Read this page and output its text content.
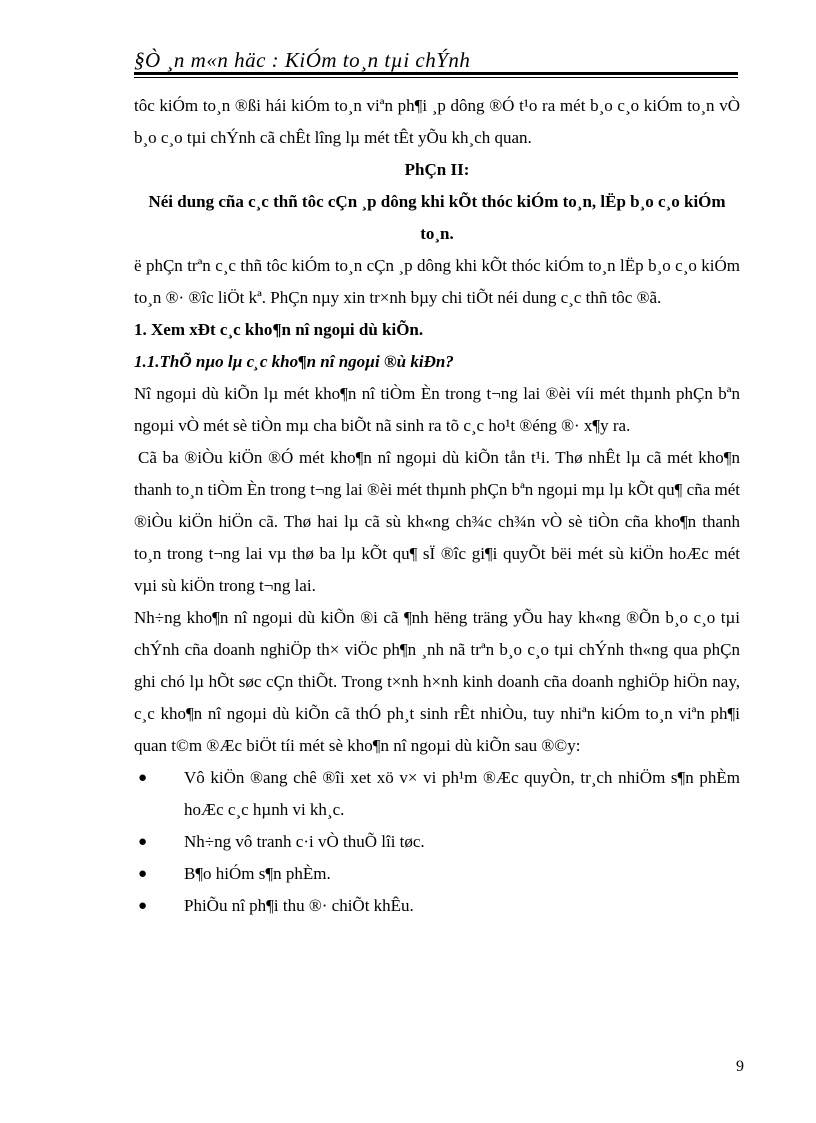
§Ò ¸n m«n häc : KiÓm to¸n tµi chÝnh

tôc kiÓm to¸n ®ßi hái kiÓm to¸n viªn ph¶i ¸p dông ®Ó t¹o ra mét b¸o c¸o kiÓm to¸n vÒ b¸o c¸o tµi chÝnh cã chÊt lîng lµ mét tÊt yÕu kh¸ch quan.

PhÇn II:

Néi dung cña c¸c thñ tôc cÇn ¸p dông khi kÕt thóc kiÓm to¸n, lËp b¸o c¸o kiÓm to¸n.

ë phÇn trªn c¸c thñ tôc kiÓm to¸n cÇn ¸p dông khi kÕt thóc kiÓm to¸n lËp b¸o c¸o kiÓm to¸n ®· ®îc liÖt kª. PhÇn nµy xin tr×nh bµy chi tiÕt néi dung c¸c thñ tôc ®ã.

1. Xem xÐt c¸c kho¶n nî ngoµi dù kiÕn.

1.1.ThÕ nµo lµ c¸c kho¶n nî ngoµi ®ù kiÐn?

Nî ngoµi dù kiÕn lµ mét kho¶n nî tiÒm Èn trong t¬ng lai ®èi víi mét thµnh phÇn bªn ngoµi vÒ mét sè tiÒn mµ cha biÕt nã sinh ra tõ c¸c ho¹t ®éng ®· x¶y ra.

Cã ba ®iÒu kiÖn ®Ó mét kho¶n nî ngoµi dù kiÕn tån t¹i. Thø nhÊt lµ cã mét kho¶n thanh to¸n tiÒm Èn trong t¬ng lai ®èi mét thµnh phÇn bªn ngoµi mµ lµ kÕt qu¶ cña mét ®iÒu kiÖn hiÖn cã. Thø hai lµ cã sù kh«ng ch¾c ch¾n vÒ sè tiÒn cña kho¶n thanh to¸n trong t¬ng lai vµ thø ba lµ kÕt qu¶ sÏ ®îc gi¶i quyÕt bëi mét sù kiÖn hoÆc mét vµi sù kiÖn trong t¬ng lai.

Nh÷ng kho¶n nî ngoµi dù kiÕn ®i cã ¶nh hëng träng yÕu hay kh«ng ®Õn b¸o c¸o tµi chÝnh cña doanh nghiÖp th× viÖc ph¶n ¸nh nã trªn b¸o c¸o tµi chÝnh th«ng qua phÇn ghi chó lµ hÕt søc cÇn thiÕt. Trong t×nh h×nh kinh doanh cña doanh nghiÖp hiÖn nay, c¸c kho¶n nî ngoµi dù kiÕn cã thÓ ph¸t sinh rÊt nhiÒu, tuy nhiªn kiÓm to¸n viªn ph¶i quan t©m ®Æc biÖt tíi mét sè kho¶n nî ngoµi dù kiÕn sau ®©y:

● Vô kiÖn ®ang chê ®îi xet xö v× vi ph¹m ®Æc quyÒn, tr¸ch nhiÖm s¶n phÈm hoÆc c¸c hµnh vi kh¸c.
● Nh÷ng vô tranh c·i vÒ thuÕ lîi tøc.
● B¶o hiÓm s¶n phÈm.
● PhiÕu nî ph¶i thu ®· chiÕt khÊu.
9
